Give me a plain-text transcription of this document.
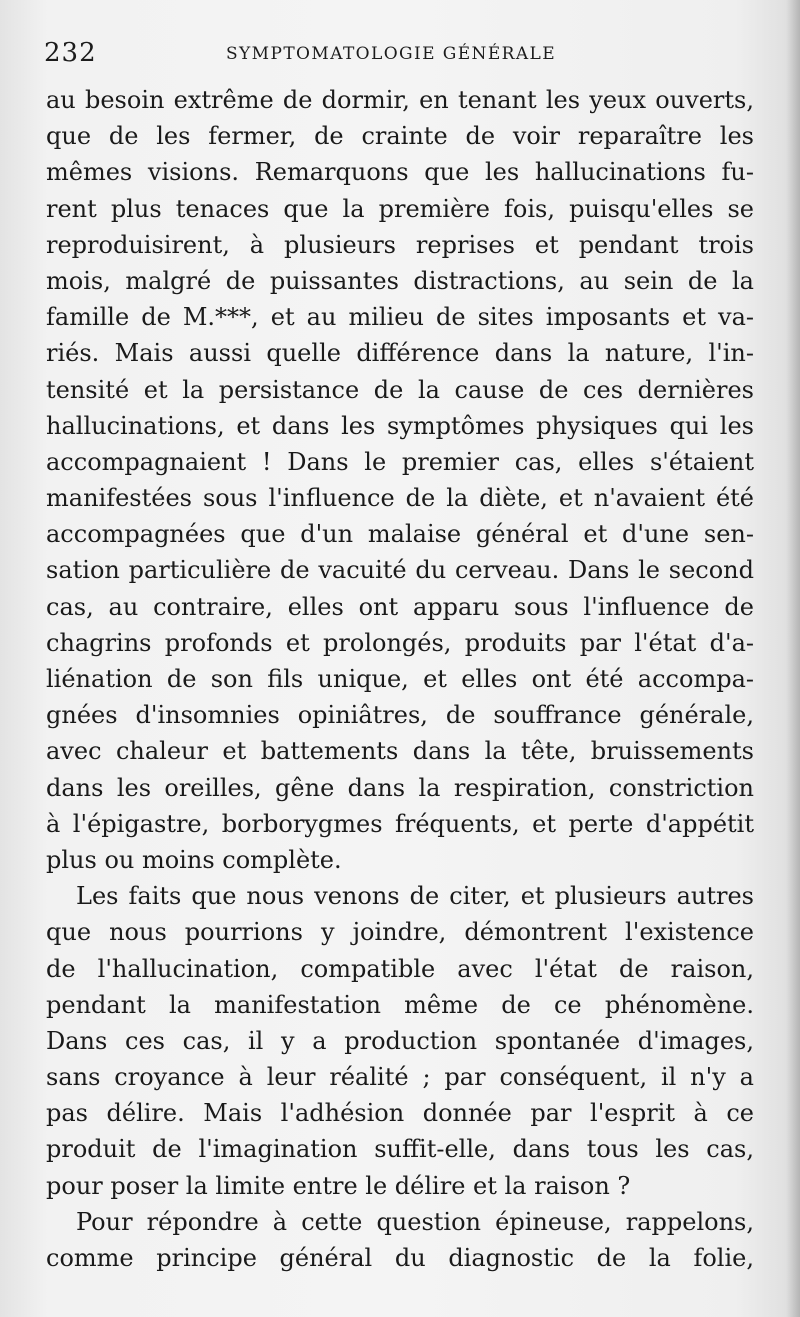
232	SYMPTOMATOLOGIE GÉNÉRALE
au besoin extrême de dormir, en tenant les yeux ouverts,
que de les fermer, de crainte de voir reparaître les
mêmes visions. Remarquons que les hallucinations fu-
rent plus tenaces que la première fois, puisqu'elles se
reproduisirent, à plusieurs reprises et pendant trois
mois, malgré de puissantes distractions, au sein de la
famille de M.***, et au milieu de sites imposants et va-
riés. Mais aussi quelle différence dans la nature, l'in-
tensité et la persistance de la cause de ces dernières
hallucinations, et dans les symptômes physiques qui les
accompagnaient ! Dans le premier cas, elles s'étaient
manifestées sous l'influence de la diète, et n'avaient été
accompagnées que d'un malaise général et d'une sen-
sation particulière de vacuité du cerveau. Dans le second
cas, au contraire, elles ont apparu sous l'influence de
chagrins profonds et prolongés, produits par l'état d'a-
liénation de son fils unique, et elles ont été accompa-
gnées d'insomnies opiniâtres, de souffrance générale,
avec chaleur et battements dans la tête, bruissements
dans les oreilles, gêne dans la respiration, constriction
à l'épigastre, borborygmes fréquents, et perte d'appétit
plus ou moins complète.
Les faits que nous venons de citer, et plusieurs autres
que nous pourrions y joindre, démontrent l'existence
de l'hallucination, compatible avec l'état de raison,
pendant la manifestation même de ce phénomène.
Dans ces cas, il y a production spontanée d'images,
sans croyance à leur réalité ; par conséquent, il n'y a
pas délire. Mais l'adhésion donnée par l'esprit à ce
produit de l'imagination suffit-elle, dans tous les cas,
pour poser la limite entre le délire et la raison ?
Pour répondre à cette question épineuse, rappelons,
comme principe général du diagnostic de la folie,
